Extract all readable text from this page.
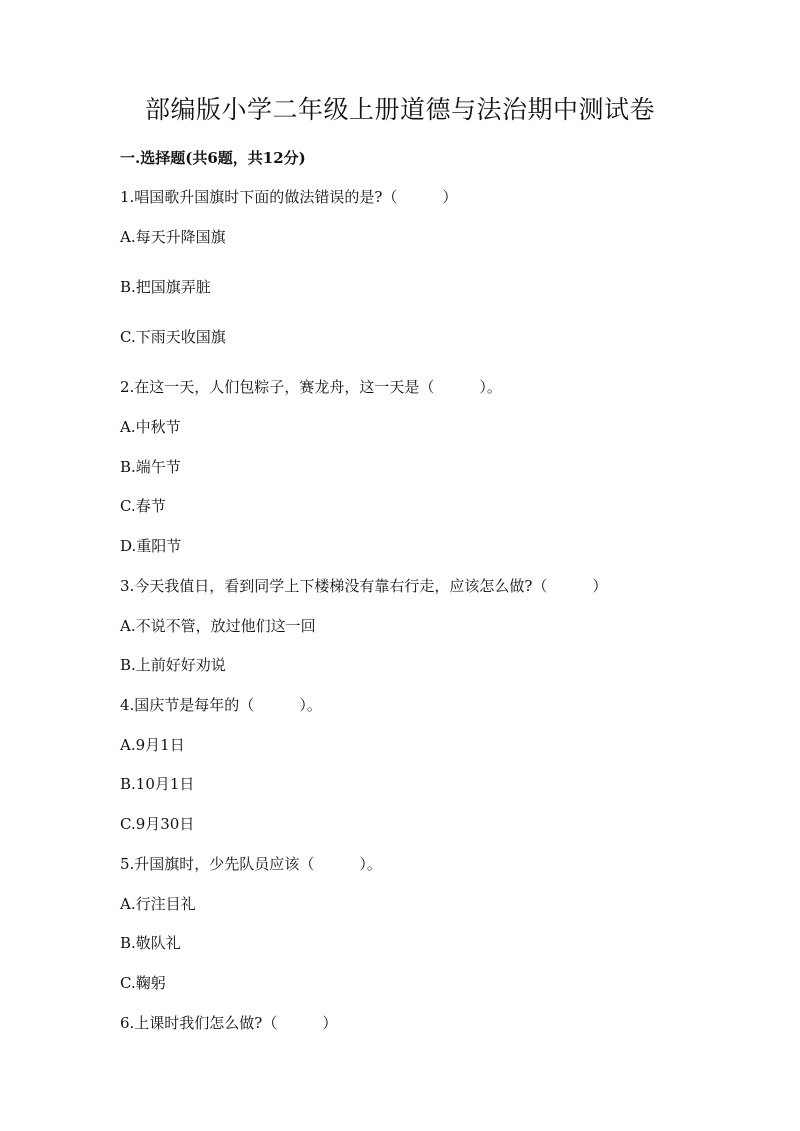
部编版小学二年级上册道德与法治期中测试卷
一.选择题(共6题，共12分)
1.唱国歌升国旗时下面的做法错误的是?（　　　）
A.每天升降国旗
B.把国旗弄脏
C.下雨天收国旗
2.在这一天，人们包粽子，赛龙舟，这一天是（　　　）。
A.中秋节
B.端午节
C.春节
D.重阳节
3.今天我值日，看到同学上下楼梯没有靠右行走，应该怎么做?（　　　）
A.不说不管，放过他们这一回
B.上前好好劝说
4.国庆节是每年的（　　　）。
A.9月1日
B.10月1日
C.9月30日
5.升国旗时，少先队员应该（　　　）。
A.行注目礼
B.敬队礼
C.鞠躬
6.上课时我们怎么做?（　　　）
